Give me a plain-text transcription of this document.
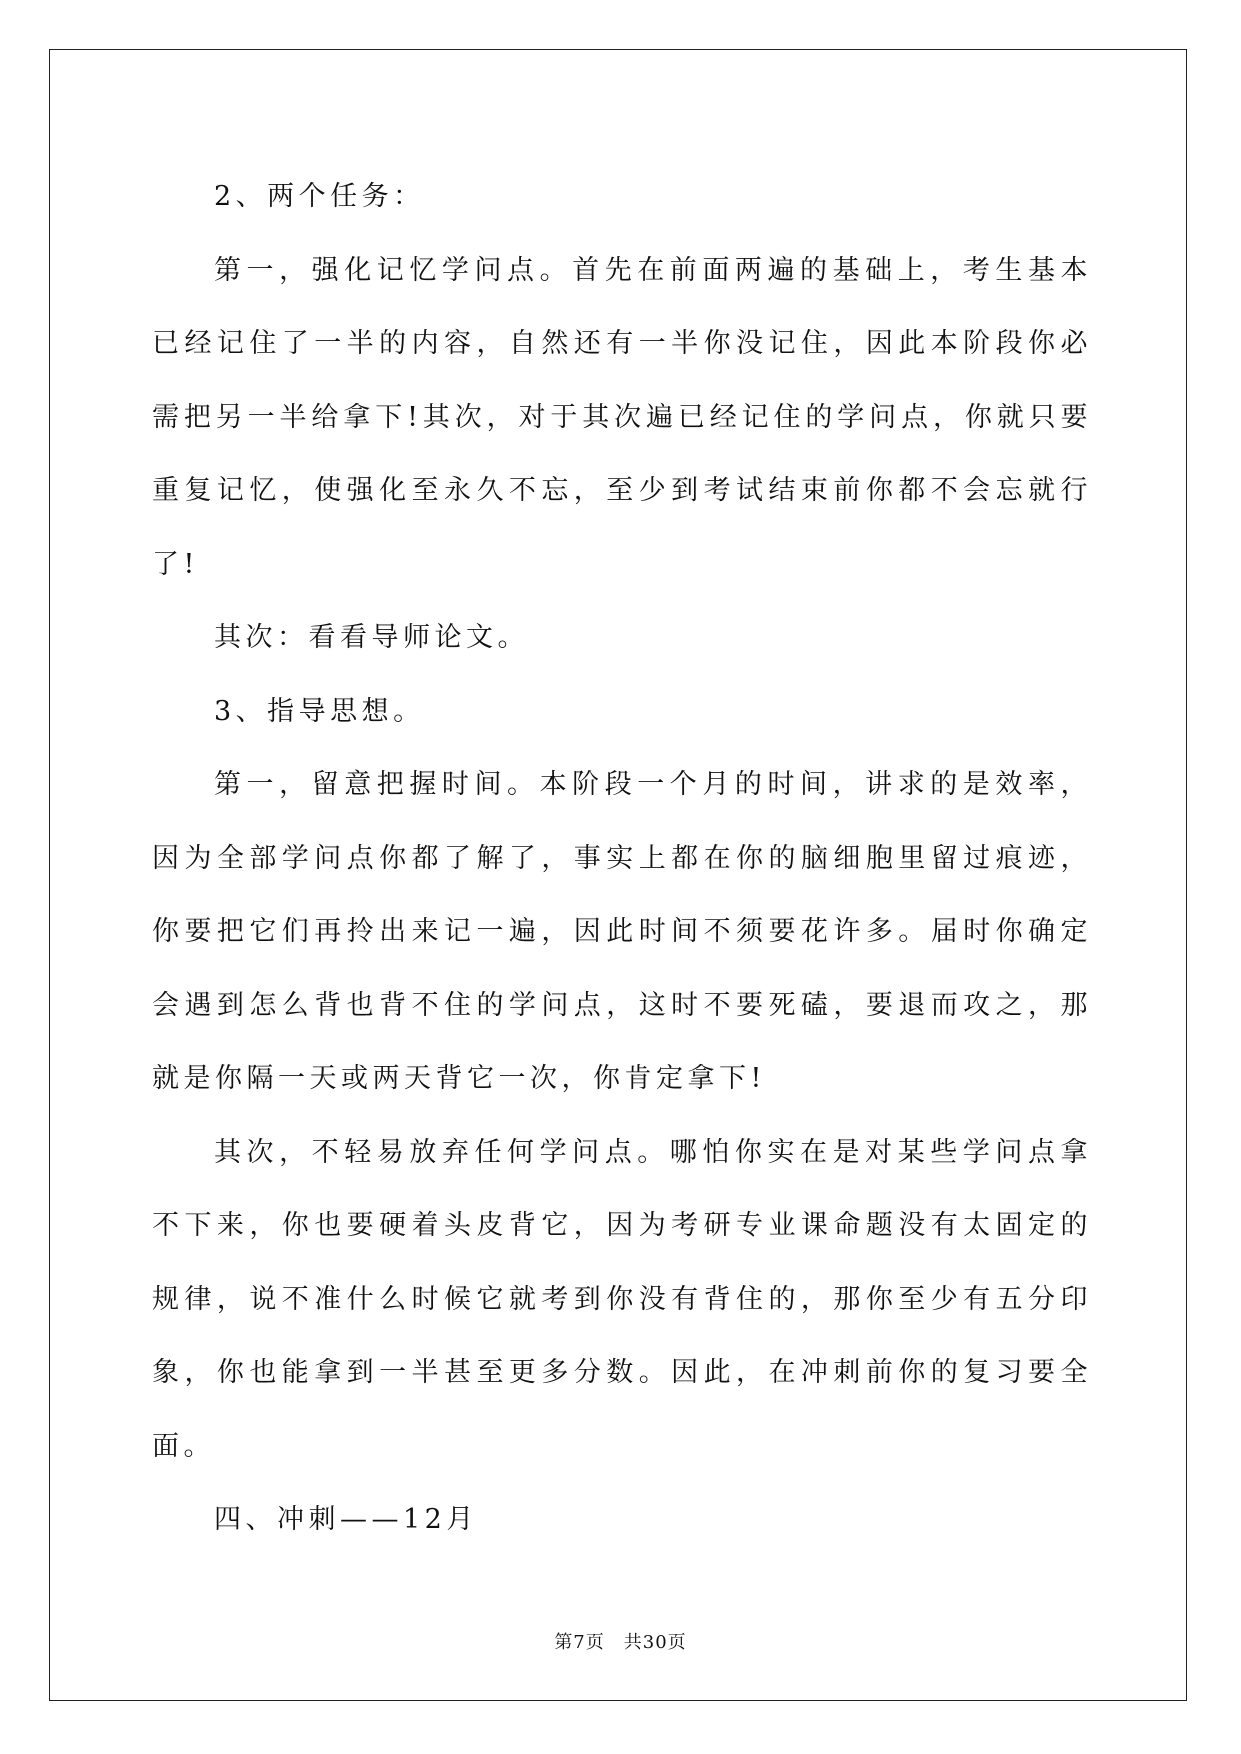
2、两个任务：

第一，强化记忆学问点。首先在前面两遍的基础上，考生基本已经记住了一半的内容，自然还有一半你没记住，因此本阶段你必需把另一半给拿下!其次，对于其次遍已经记住的学问点，你就只要重复记忆，使强化至永久不忘，至少到考试结束前你都不会忘就行了!

其次：看看导师论文。

3、指导思想。

第一，留意把握时间。本阶段一个月的时间，讲求的是效率，因为全部学问点你都了解了，事实上都在你的脑细胞里留过痕迹，你要把它们再拎出来记一遍，因此时间不须要花许多。届时你确定会遇到怎么背也背不住的学问点，这时不要死磕，要退而攻之，那就是你隔一天或两天背它一次，你肯定拿下!

其次，不轻易放弃任何学问点。哪怕你实在是对某些学问点拿不下来，你也要硬着头皮背它，因为考研专业课命题没有太固定的规律，说不准什么时候它就考到你没有背住的，那你至少有五分印象，你也能拿到一半甚至更多分数。因此，在冲刺前你的复习要全面。

四、冲刺——12月

第7页　共30页
